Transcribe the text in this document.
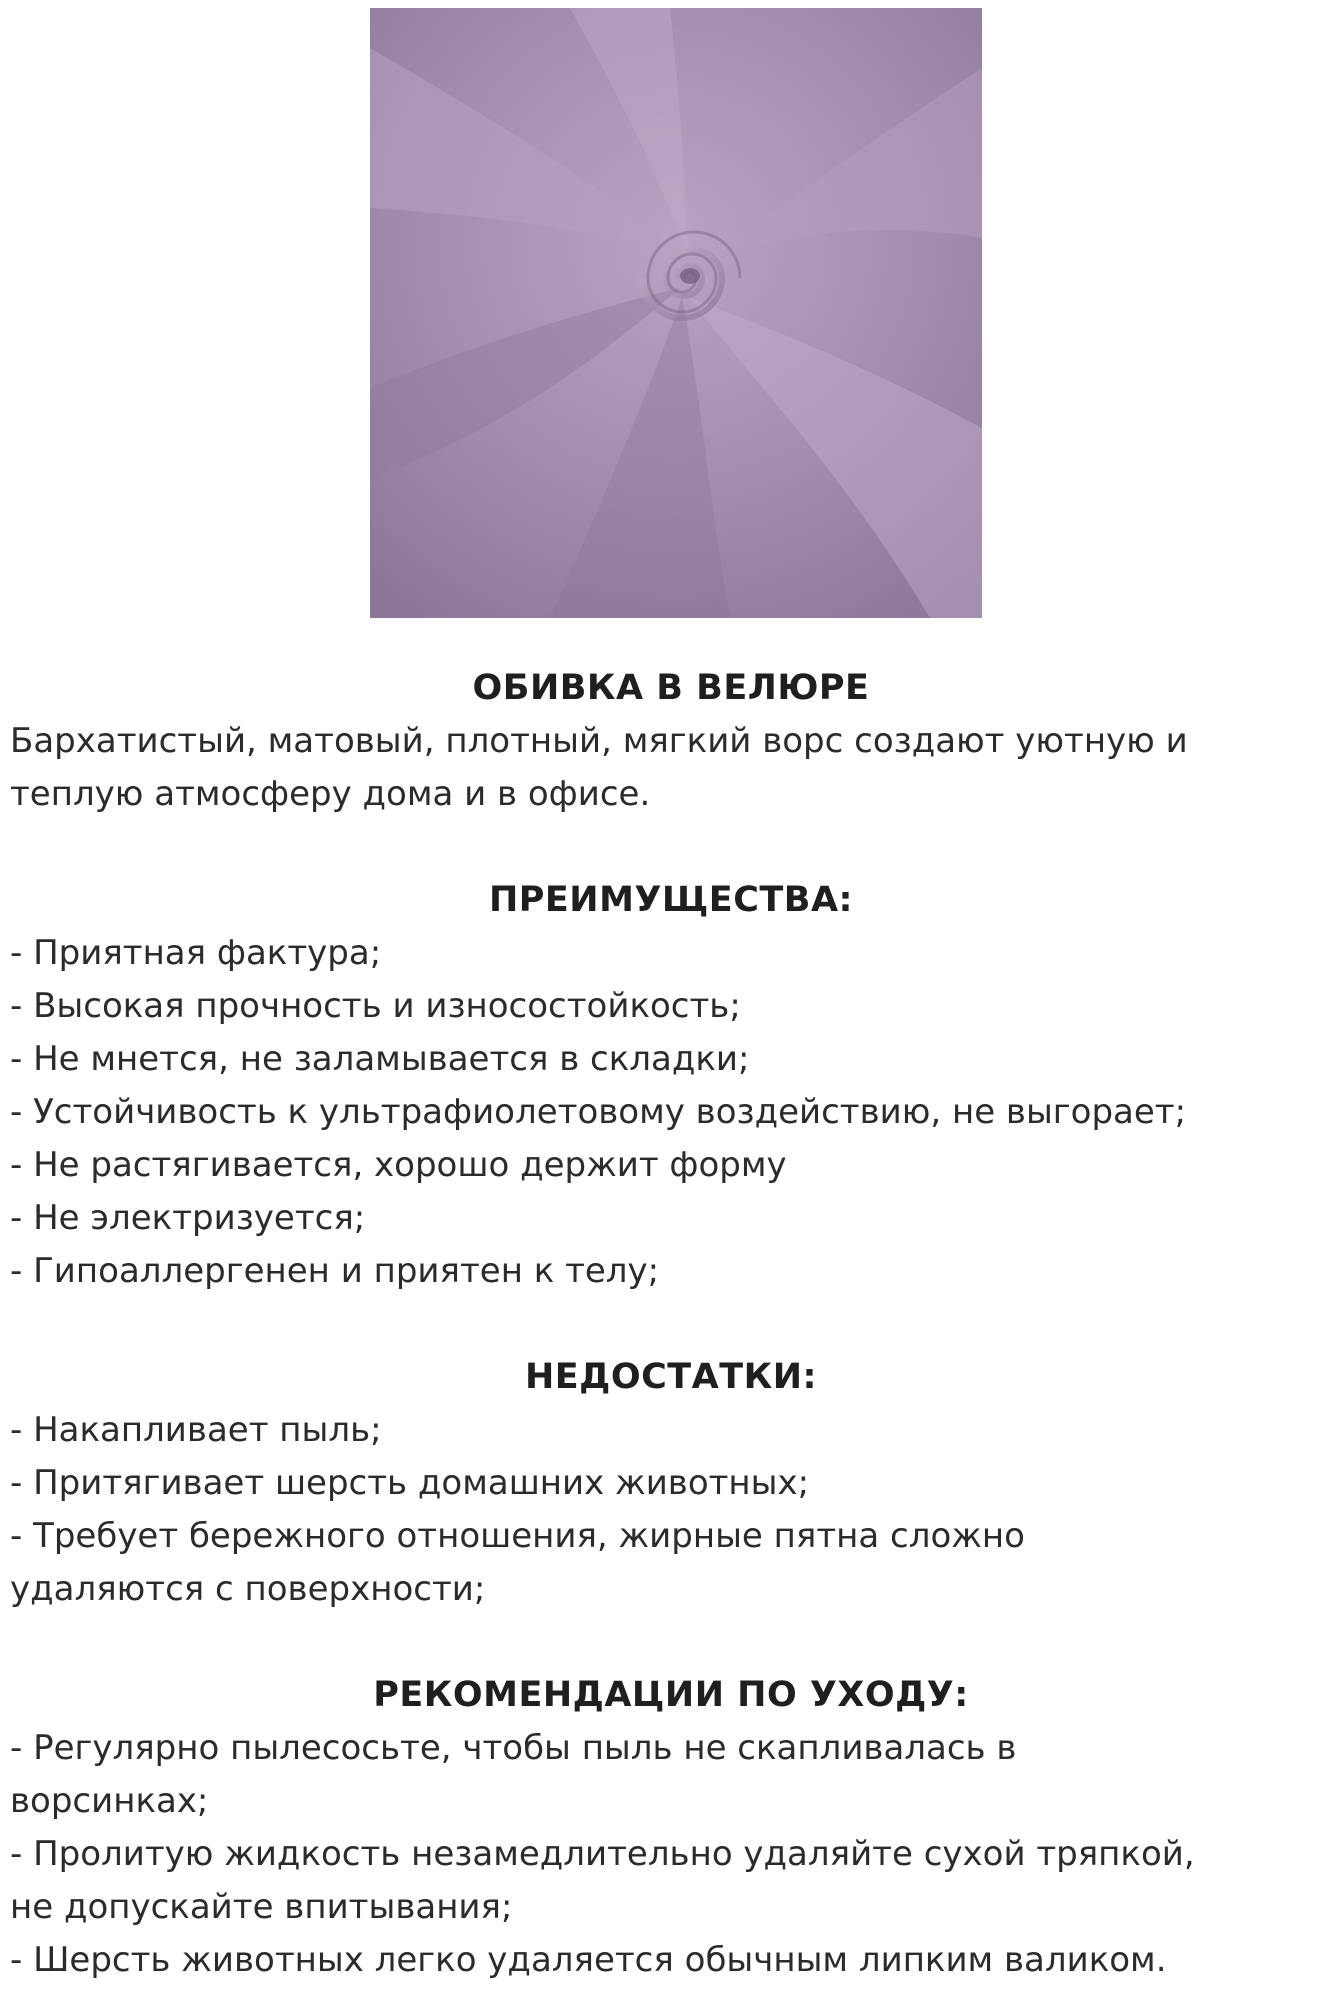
ОБИВКА В ВЕЛЮРЕ

Бархатистый, матовый, плотный, мягкий ворс создают уютную и

теплую атмосферу дома и в офисе.

ПРЕИМУЩЕСТВА:
- Приятная фактура;
- Высокая прочность и износостойкость;
- Не мнется, не заламывается в складки;
- Устойчивость к ультрафиолетовому воздействию, не выгорает;
- Не растягивается, хорошо держит форму
- Не электризуется;
- Гипоаллергенен и приятен к телу;
НЕДОСТАТКИ:
- Накапливает пыль;
- Притягивает шерсть домашних животных;
- Требует бережного отношения, жирные пятна сложно
удаляются с поверхности;
РЕКОМЕНДАЦИИ ПО УХОДУ:
- Регулярно пылесосьте, чтобы пыль не скапливалась в
ворсинках;
- Пролитую жидкость незамедлительно удаляйте сухой тряпкой,
не допускайте впитывания;
- Шерсть животных легко удаляется обычным липким валиком.
